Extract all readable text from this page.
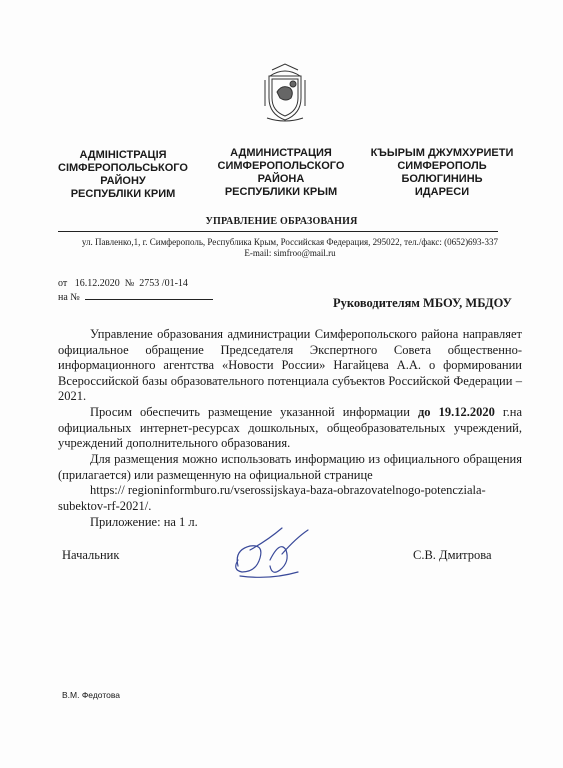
АДМІНІСТРАЦІЯ
СІМФЕРОПОЛЬСЬКОГО
РАЙОНУ
РЕСПУБЛІКИ КРИМ
АДМИНИСТРАЦИЯ
СИМФЕРОПОЛЬСКОГО
РАЙОНА
РЕСПУБЛИКИ КРЫМ
КЪЫРЫМ ДЖУМХУРИЕТИ
СИМФЕРОПОЛЬ
БОЛЮГИНИНЬ
ИДАРЕСИ
УПРАВЛЕНИЕ ОБРАЗОВАНИЯ
ул. Павленко,1, г. Симферополь, Республика Крым, Российская Федерация, 295022, тел./факс: (0652)693-337
E-mail: simfroo@mail.ru
от 16.12.2020 № 2753 /01-14
на №	Руководителям МБОУ, МБДОУ
Управление образования администрации Симферопольского района направляет официальное обращение Председателя Экспертного Совета общественно-информационного агентства «Новости России» Нагайцева А.А. о формировании Всероссийской базы образовательного потенциала субъектов Российской Федерации – 2021.
Просим обеспечить размещение указанной информации до 19.12.2020 г.на официальных интернет-ресурсах дошкольных, общеобразовательных учреждений, учреждений дополнительного образования.
Для размещения можно использовать информацию из официального обращения (прилагается) или размещенную на официальной странице
https:// regioninformburo.ru/vserossijskaya-baza-obrazovatelnogo-potencziala-
subektov-rf-2021/.
Приложение: на 1 л.
Начальник	С.В. Дмитрова
В.М. Федотова
